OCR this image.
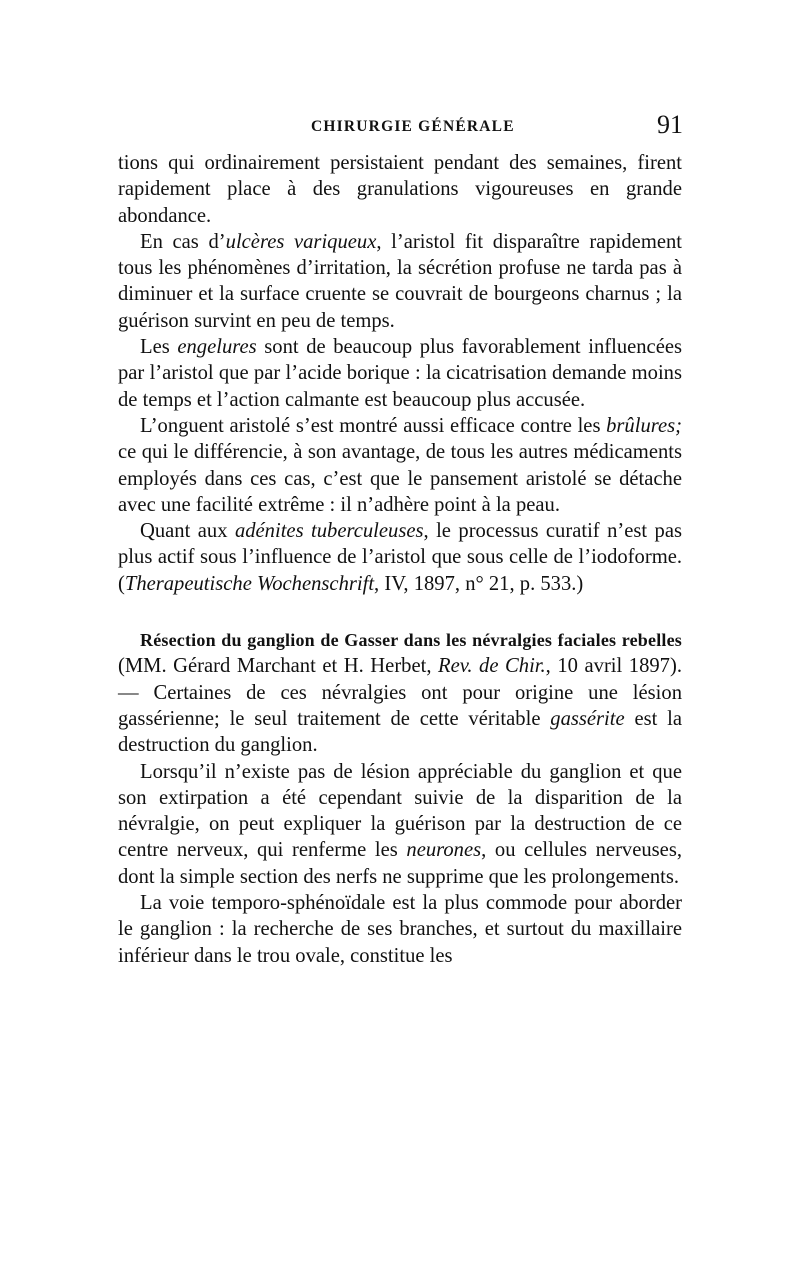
CHIRURGIE GÉNÉRALE	91

tions qui ordinairement persistaient pendant des semaines, firent rapidement place à des granulations vigoureuses en grande abondance.

En cas d’ulcères variqueux, l’aristol fit disparaître rapidement tous les phénomènes d’irritation, la sécrétion profuse ne tarda pas à diminuer et la surface cruente se couvrait de bourgeons charnus ; la guérison survint en peu de temps.

Les engelures sont de beaucoup plus favorablement influencées par l’aristol que par l’acide borique : la cicatrisation demande moins de temps et l’action calmante est beaucoup plus accusée.

L’onguent aristolé s’est montré aussi efficace contre les brûlures; ce qui le différencie, à son avantage, de tous les autres médicaments employés dans ces cas, c’est que le pansement aristolé se détache avec une facilité extrême : il n’adhère point à la peau.

Quant aux adénites tuberculeuses, le processus curatif n’est pas plus actif sous l’influence de l’aristol que sous celle de l’iodoforme. (Therapeutische Wochenschrift, IV, 1897, n° 21, p. 533.)

Résection du ganglion de Gasser dans les névralgies faciales rebelles (MM. Gérard Marchant et H. Herbet, Rev. de Chir., 10 avril 1897). — Certaines de ces névralgies ont pour origine une lésion gassérienne; le seul traitement de cette véritable gassérite est la destruction du ganglion.

Lorsqu’il n’existe pas de lésion appréciable du ganglion et que son extirpation a été cependant suivie de la disparition de la névralgie, on peut expliquer la guérison par la destruction de ce centre nerveux, qui renferme les neurones, ou cellules nerveuses, dont la simple section des nerfs ne supprime que les prolongements.

La voie temporo-sphénoïdale est la plus commode pour aborder le ganglion : la recherche de ses branches, et surtout du maxillaire inférieur dans le trou ovale, constitue les
